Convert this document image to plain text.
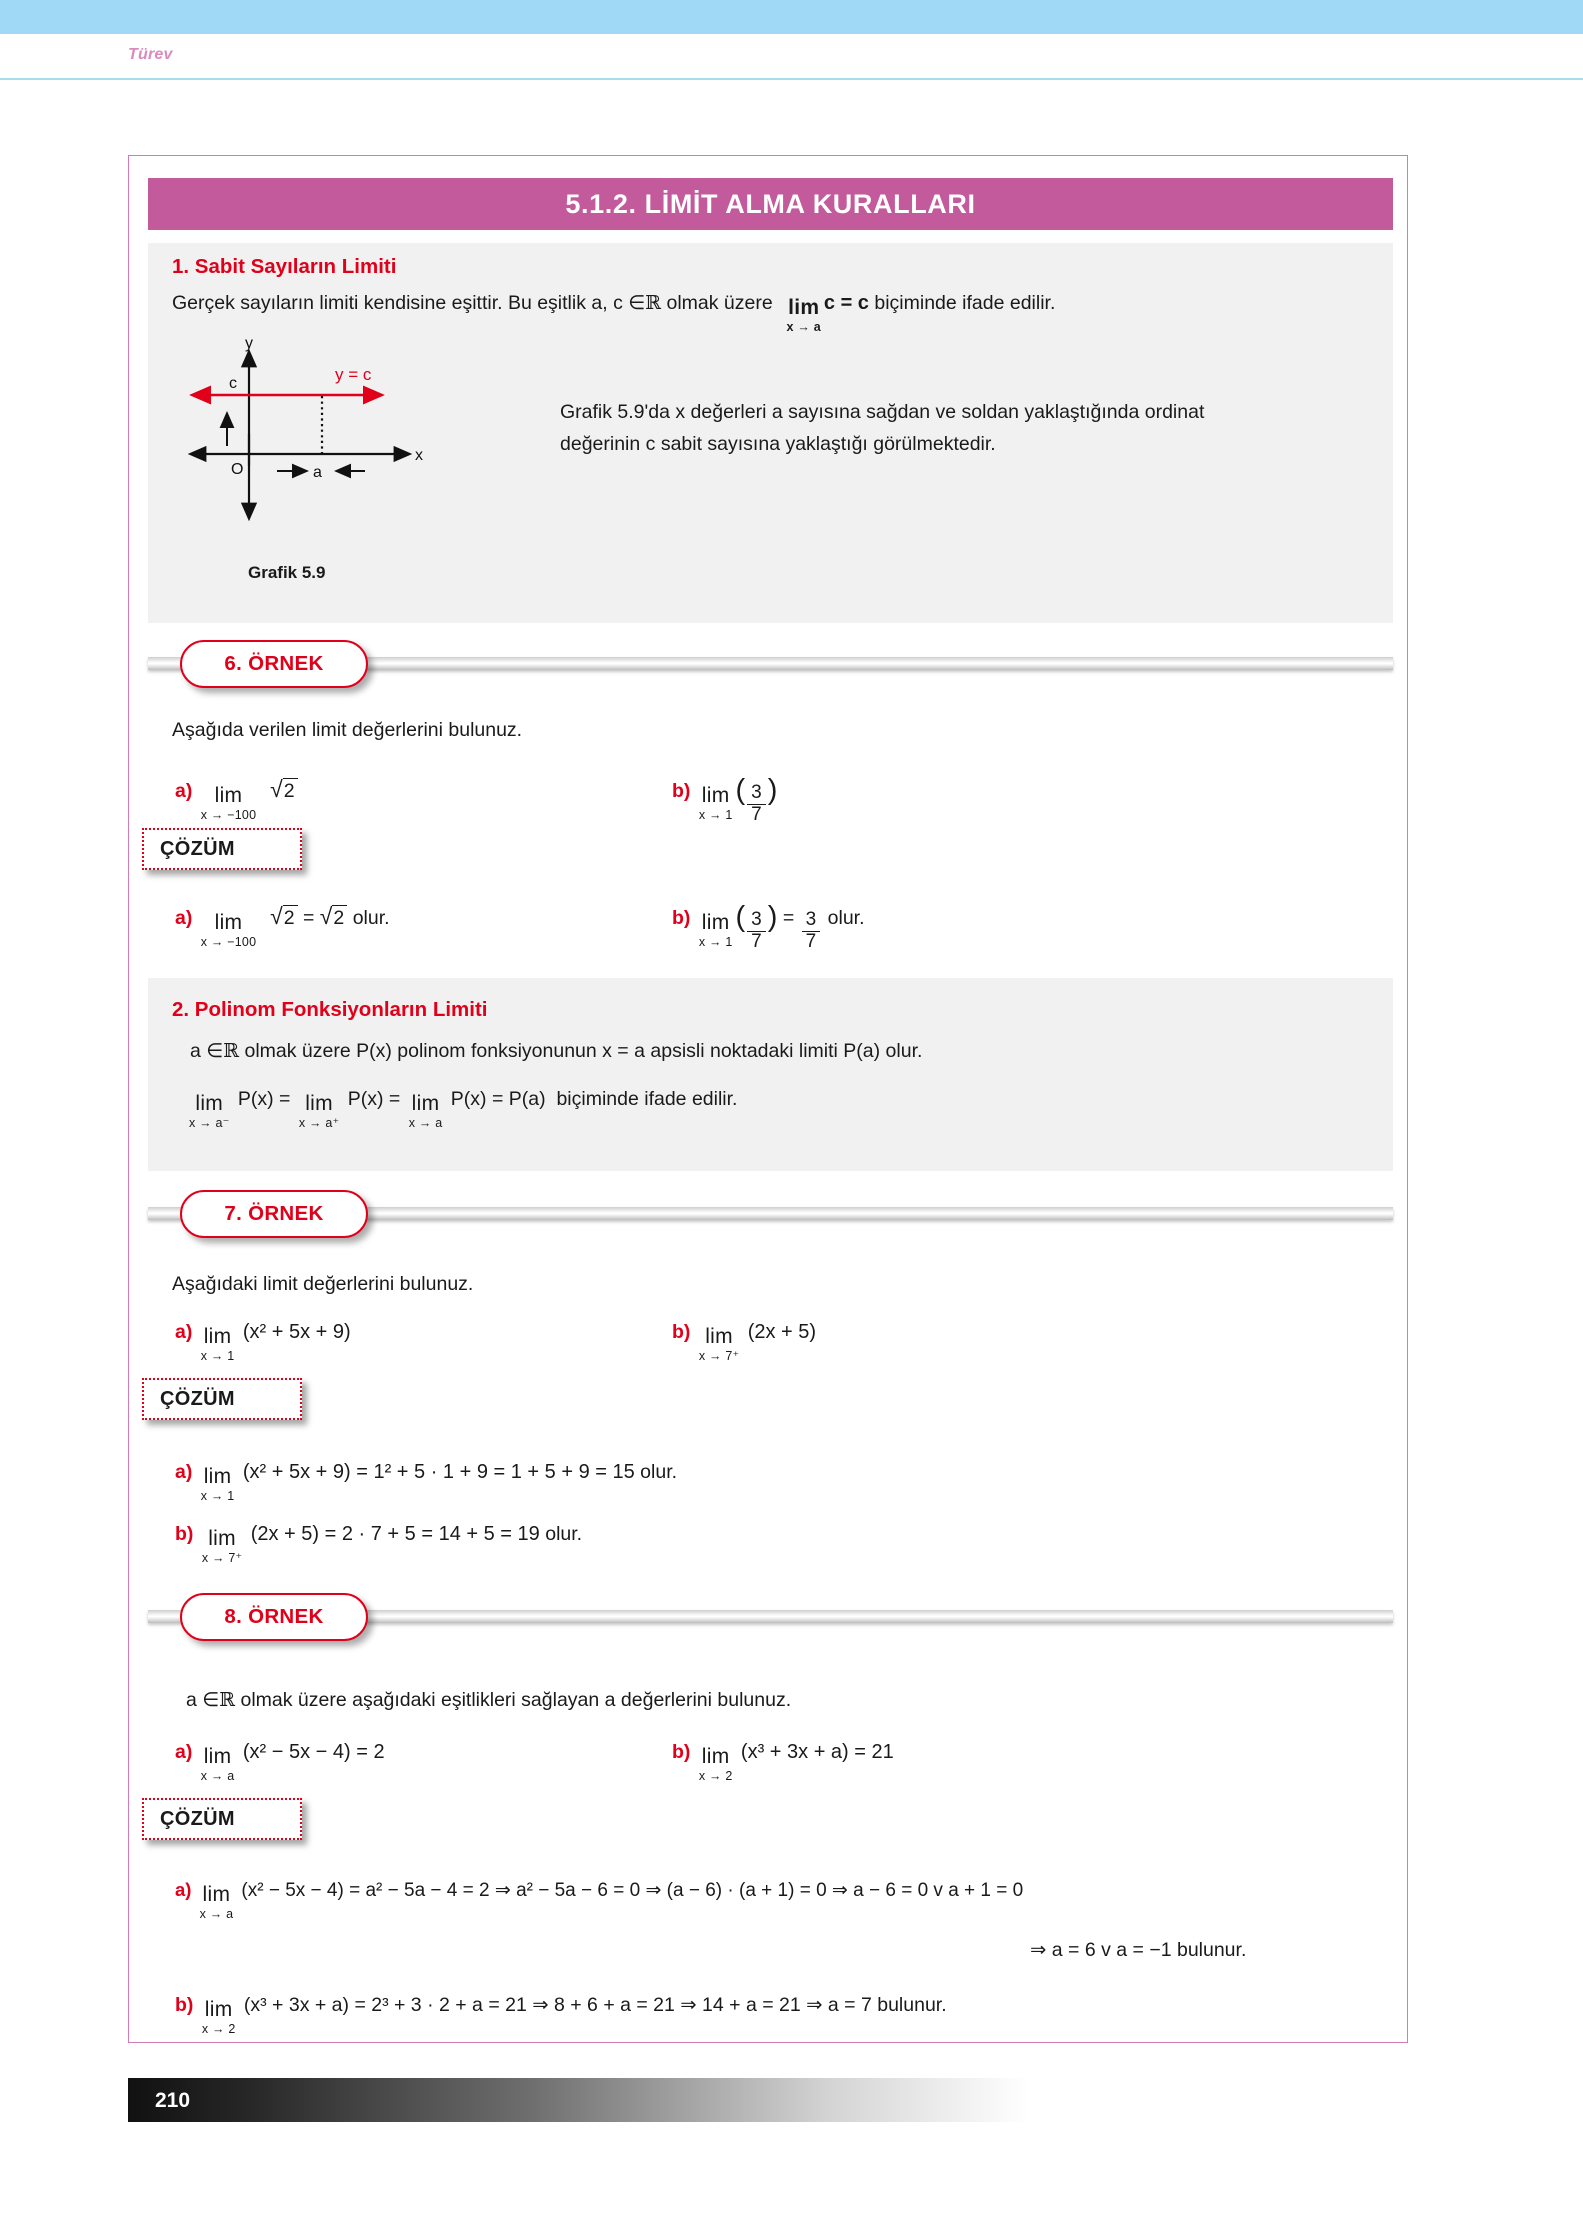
Türev
5.1.2. LİMİT ALMA KURALLARI
1. Sabit Sayıların Limiti
Gerçek sayıların limiti kendisine eşittir. Bu eşitlik
a, c ∈ ℝ
olmak üzere
lim
x → a
c = c
biçiminde ifade edilir.
y
x
c
O	a
y = c
Grafik 5.9
Grafik 5.9'da x değerleri a sayısına sağdan ve soldan yaklaştığında ordinat
değerinin c sabit sayısına yaklaştığı görülmektedir.
6. ÖRNEK
Aşağıda verilen limit değerlerini bulunuz.
a)
lim
x → −100

√ 2	b)
lim
x → 1
( $\frac{3}{7}$ )
ÇÖZÜM
a)
lim
x → −100

√ 2 = √ 2
olur.	b)
lim
x → 1
( $\frac{3}{7}$ ) = $\frac{3}{7}$
olur.
2. Polinom Fonksiyonların Limiti
a ∈ ℝ
olmak üzere P(x) polinom fonksiyonunun x = a apsisli noktadaki limiti P(a) olur.
lim
x → a⁻

P(x) =
lim
x → a⁺

P(x) =
lim
x → a

P(x) = P(a)
biçiminde ifade edilir.
7. ÖRNEK
Aşağıdaki limit değerlerini bulunuz.
a)
lim
x → 1

(x² + 5x + 9)	b)
lim
x → 7⁺

(2x + 5)
ÇÖZÜM
a)
lim
x → 1

(x² + 5x + 9) = 1² + 5 · 1 + 9 = 1 + 5 + 9 = 15
olur.
b)
lim
x → 7⁺

(2x + 5) = 2 · 7 + 5 = 14 + 5 = 19
olur.
8. ÖRNEK
a ∈ ℝ
olmak üzere aşağıdaki eşitlikleri sağlayan a değerlerini bulunuz.
a)
lim
x → a

(x² − 5x − 4) = 2	b)
lim
x → 2

(x³ + 3x + a) = 21
ÇÖZÜM
a)
lim
x → a

(x² − 5x − 4) = a² − 5a − 4 = 2 ⇒ a² − 5a − 6 = 0 ⇒ (a − 6) · (a + 1) = 0 ⇒ a − 6 = 0 v a + 1 = 0
⇒ a = 6 v a = −1 bulunur.
b)
lim
x → 2

(x³ + 3x + a) = 2³ + 3 · 2 + a = 21 ⇒ 8 + 6 + a = 21 ⇒ 14 + a = 21 ⇒ a = 7 bulunur.
210
